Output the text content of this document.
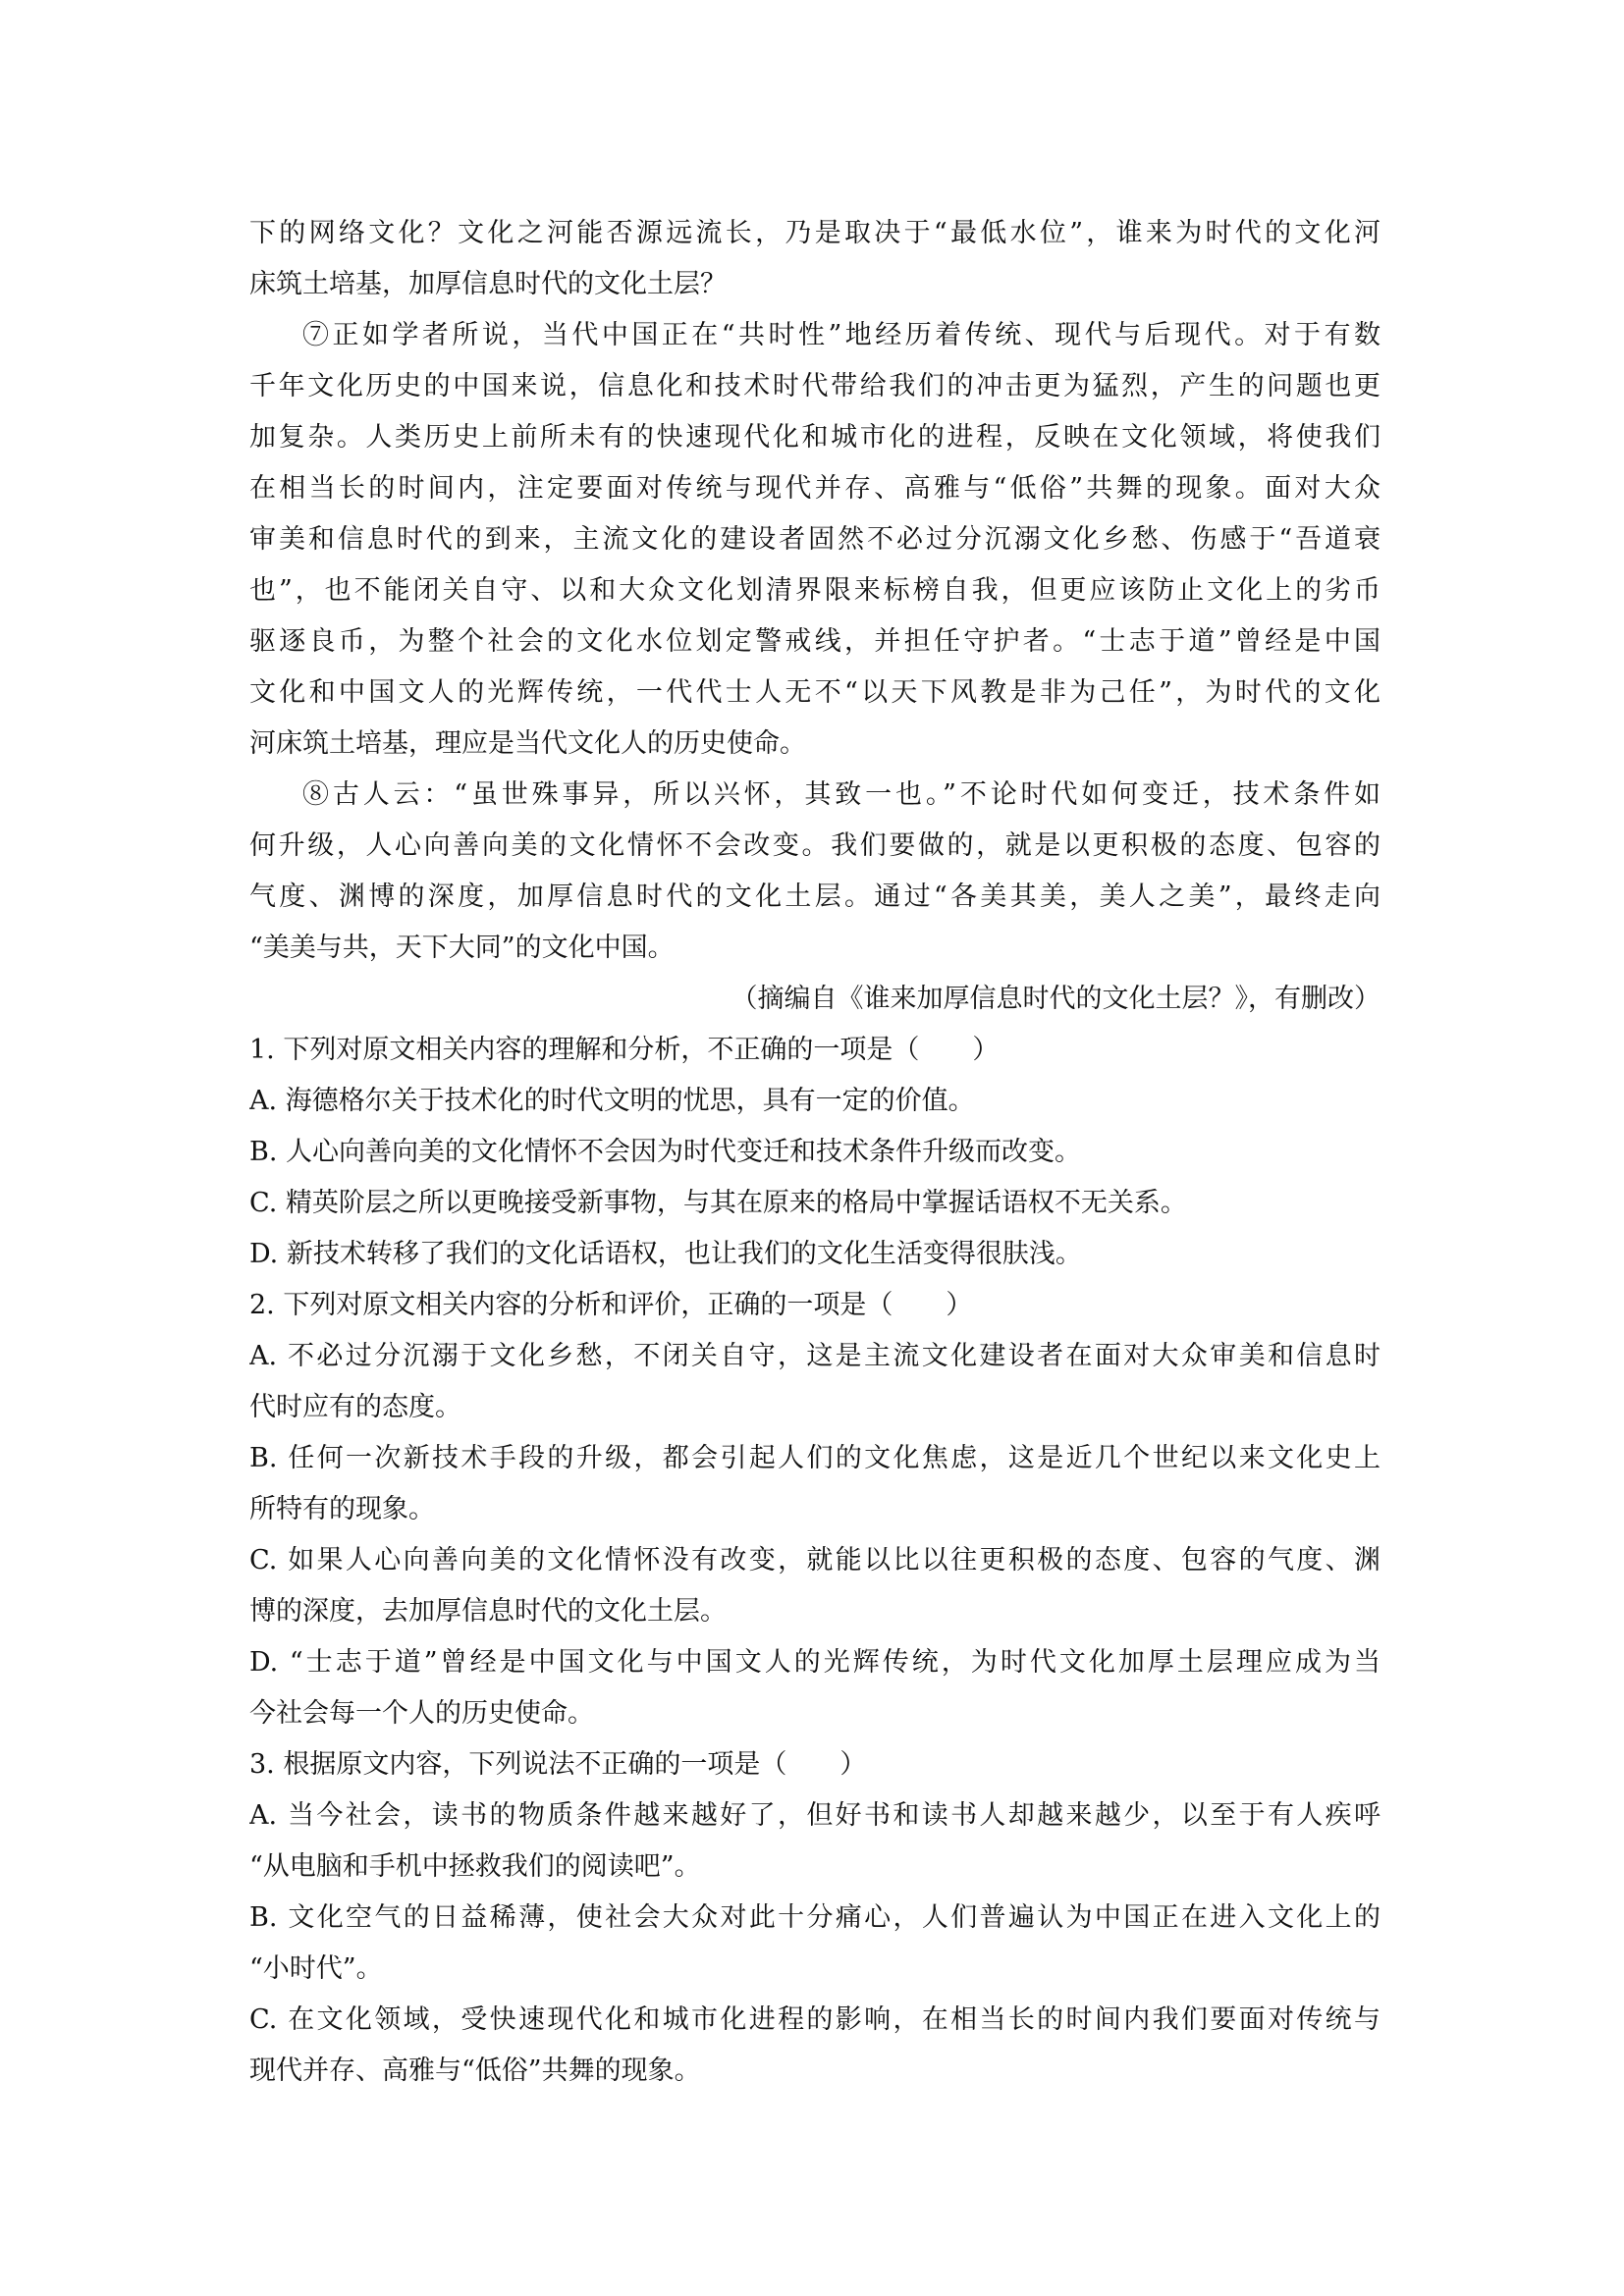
下的网络文化？文化之河能否源远流长，乃是取决于“最低水位”，谁来为时代的文化河
床筑土培基，加厚信息时代的文化土层？
⑦正如学者所说，当代中国正在“共时性”地经历着传统、现代与后现代。对于有数
千年文化历史的中国来说，信息化和技术时代带给我们的冲击更为猛烈，产生的问题也更
加复杂。人类历史上前所未有的快速现代化和城市化的进程，反映在文化领域，将使我们
在相当长的时间内，注定要面对传统与现代并存、高雅与“低俗”共舞的现象。面对大众
审美和信息时代的到来，主流文化的建设者固然不必过分沉溺文化乡愁、伤感于“吾道衰
也”，也不能闭关自守、以和大众文化划清界限来标榜自我，但更应该防止文化上的劣币
驱逐良币，为整个社会的文化水位划定警戒线，并担任守护者。“士志于道”曾经是中国
文化和中国文人的光辉传统，一代代士人无不“以天下风教是非为己任”，为时代的文化
河床筑土培基，理应是当代文化人的历史使命。
⑧古人云：“虽世殊事异，所以兴怀，其致一也。”不论时代如何变迁，技术条件如
何升级，人心向善向美的文化情怀不会改变。我们要做的，就是以更积极的态度、包容的
气度、渊博的深度，加厚信息时代的文化土层。通过“各美其美，美人之美”，最终走向
“美美与共，天下大同”的文化中国。
（摘编自《谁来加厚信息时代的文化土层？》，有删改）
1. 下列对原文相关内容的理解和分析，不正确的一项是（　　）
A. 海德格尔关于技术化的时代文明的忧思，具有一定的价值。
B. 人心向善向美的文化情怀不会因为时代变迁和技术条件升级而改变。
C. 精英阶层之所以更晚接受新事物，与其在原来的格局中掌握话语权不无关系。
D. 新技术转移了我们的文化话语权，也让我们的文化生活变得很肤浅。
2. 下列对原文相关内容的分析和评价，正确的一项是（　　）
A. 不必过分沉溺于文化乡愁，不闭关自守，这是主流文化建设者在面对大众审美和信息时
代时应有的态度。
B. 任何一次新技术手段的升级，都会引起人们的文化焦虑，这是近几个世纪以来文化史上
所特有的现象。
C. 如果人心向善向美的文化情怀没有改变，就能以比以往更积极的态度、包容的气度、渊
博的深度，去加厚信息时代的文化土层。
D. “士志于道”曾经是中国文化与中国文人的光辉传统，为时代文化加厚土层理应成为当
今社会每一个人的历史使命。
3. 根据原文内容，下列说法不正确的一项是（　　）
A. 当今社会，读书的物质条件越来越好了，但好书和读书人却越来越少，以至于有人疾呼
“从电脑和手机中拯救我们的阅读吧”。
B. 文化空气的日益稀薄，使社会大众对此十分痛心，人们普遍认为中国正在进入文化上的
“小时代”。
C. 在文化领域，受快速现代化和城市化进程的影响，在相当长的时间内我们要面对传统与
现代并存、高雅与“低俗”共舞的现象。
